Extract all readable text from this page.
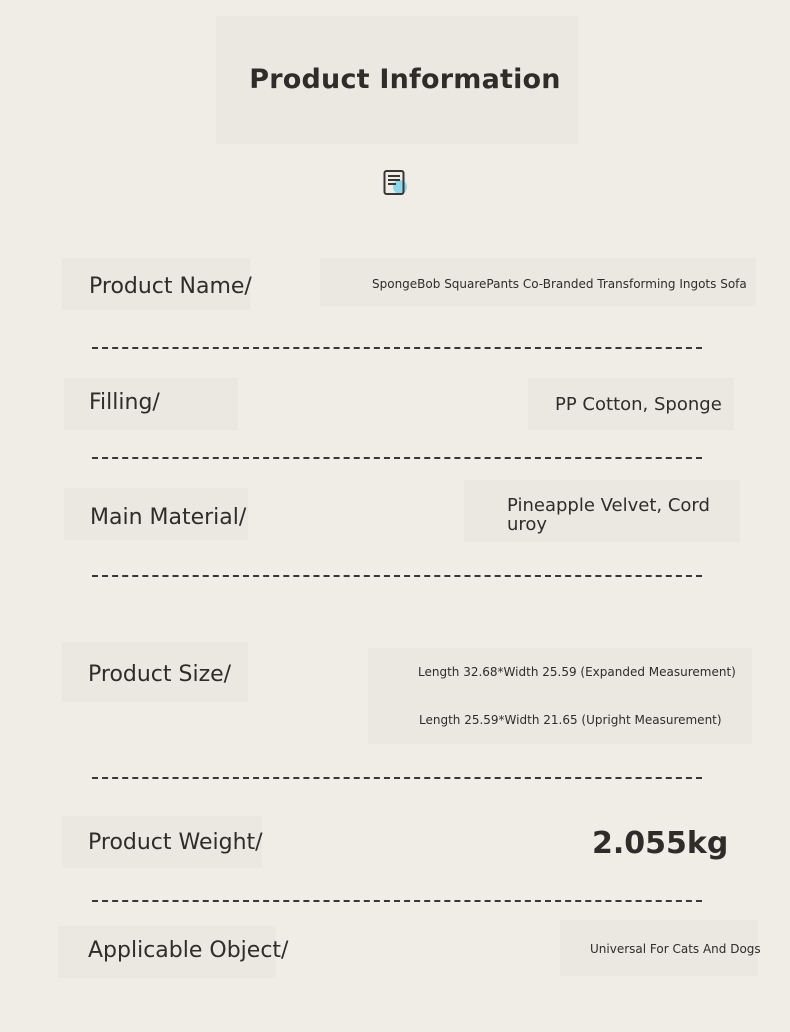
Product Information
Product Name/	SpongeBob SquarePants Co-Branded Transforming Ingots Sofa
Filling/	PP Cotton, Sponge
Main Material/	Pineapple Velvet, Cord
uroy
Product Size/	Length 32.68*Width 25.59 (Expanded Measurement)
Length 25.59*Width 21.65 (Upright Measurement)
Product Weight/	2.055kg
Applicable Object/	Universal For Cats And Dogs
